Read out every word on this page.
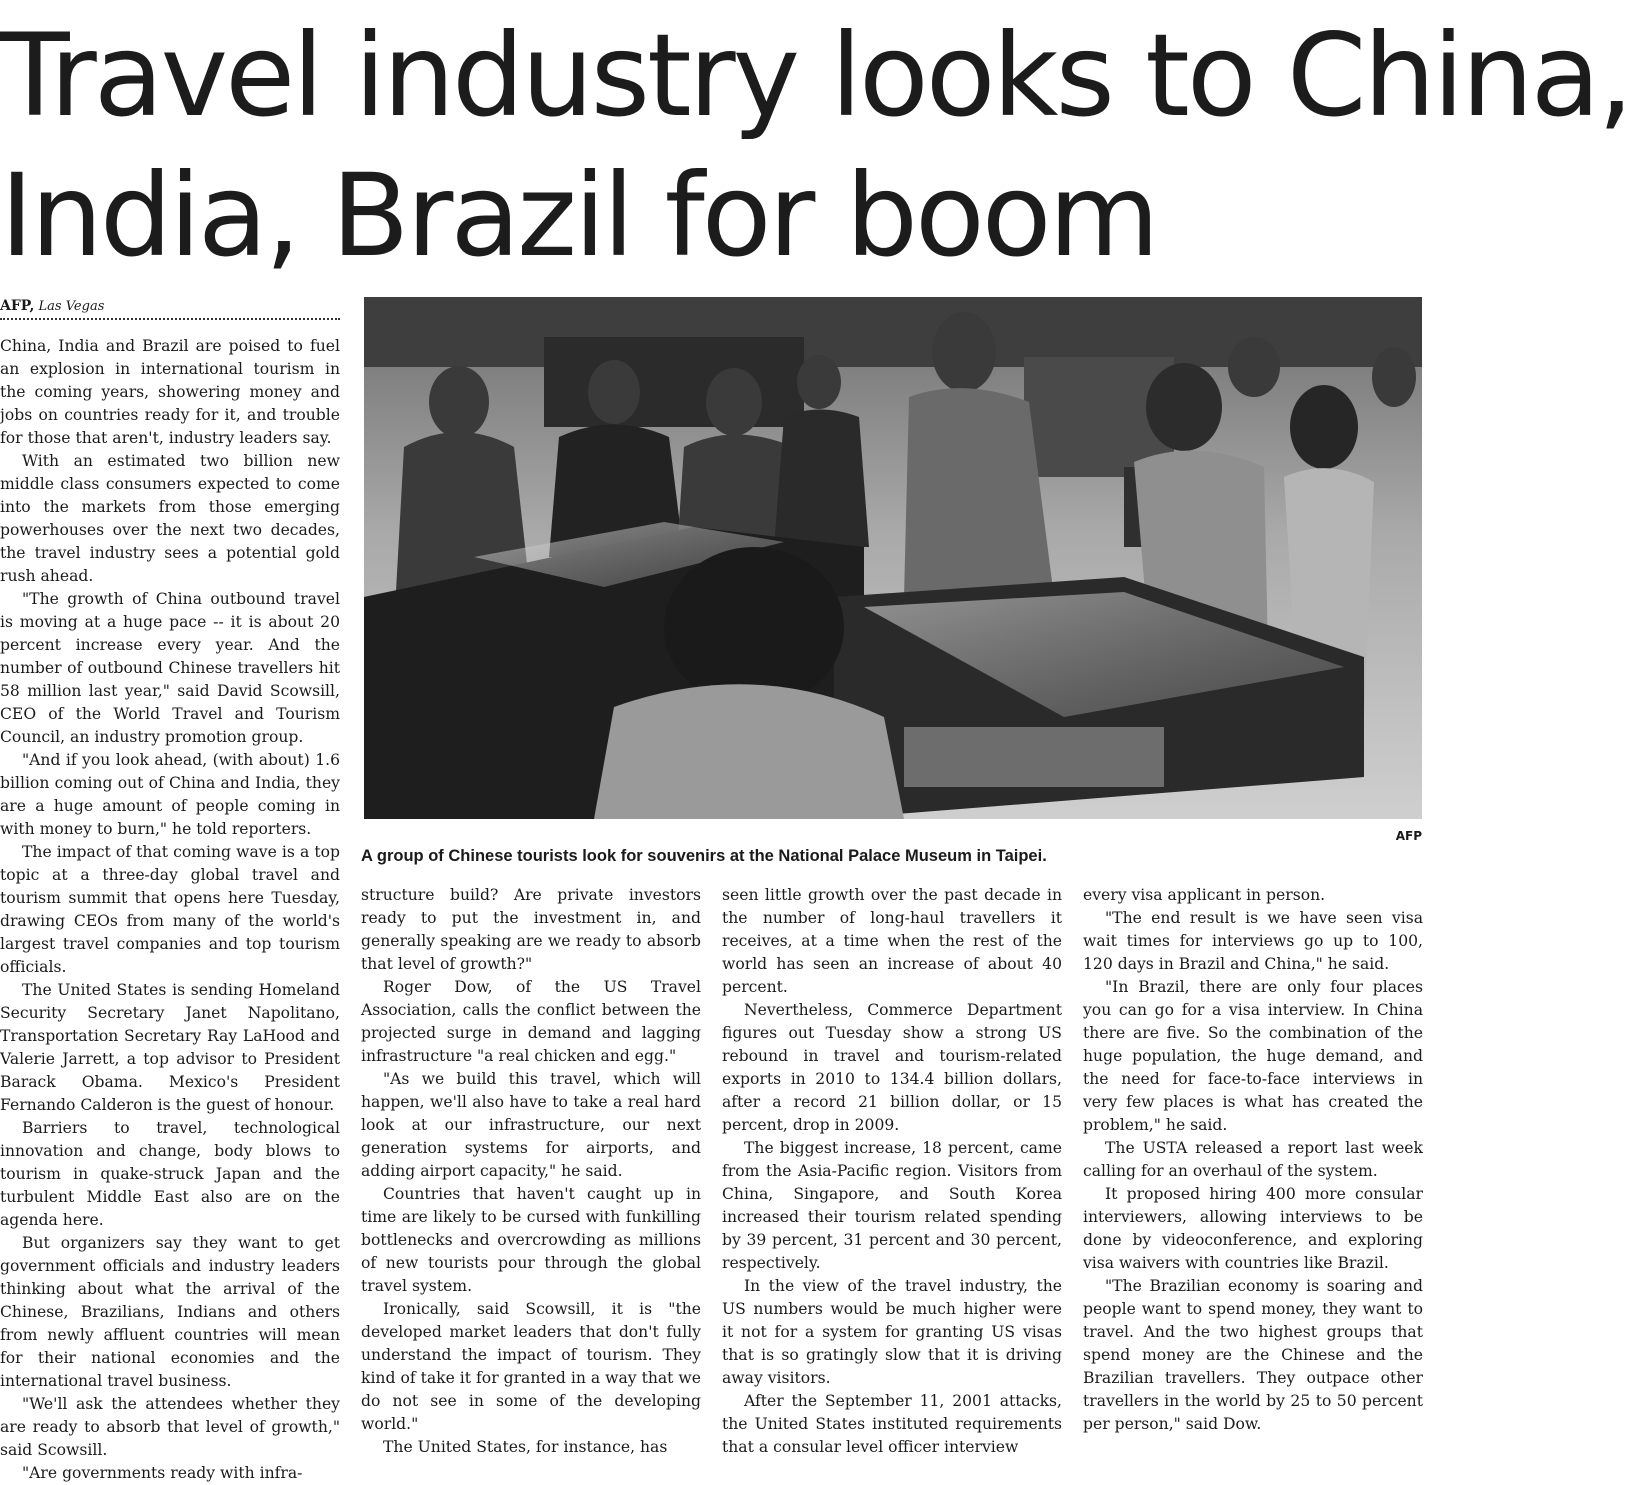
Travel industry looks to China,
India, Brazil for boom
AFP, Las Vegas
AFP
A group of Chinese tourists look for souvenirs at the National Palace Museum in Taipei.

China, India and Brazil are poised to fuel an explosion in international tourism in the coming years, showering money and jobs on countries ready for it, and trouble for those that aren't, industry leaders say.

With an estimated two billion new middle class consumers expected to come into the markets from those emerging powerhouses over the next two decades, the travel industry sees a potential gold rush ahead.

"The growth of China outbound travel is moving at a huge pace -- it is about 20 percent increase every year. And the number of outbound Chinese travellers hit 58 million last year," said David Scowsill, CEO of the World Travel and Tourism Council, an industry promotion group.

"And if you look ahead, (with about) 1.6 billion coming out of China and India, they are a huge amount of people coming in with money to burn," he told reporters.

The impact of that coming wave is a top topic at a three-day global travel and tourism summit that opens here Tuesday, drawing CEOs from many of the world's largest travel companies and top tourism officials.

The United States is sending Homeland Security Secretary Janet Napolitano, Transportation Secretary Ray LaHood and Valerie Jarrett, a top advisor to President Barack Obama. Mexico's President Fernando Calderon is the guest of honour.

Barriers to travel, technological innovation and change, body blows to tourism in quake-struck Japan and the turbulent Middle East also are on the agenda here.

But organizers say they want to get government officials and industry leaders thinking about what the arrival of the Chinese, Brazilians, Indians and others from newly affluent countries will mean for their national economies and the international travel business.

"We'll ask the attendees whether they are ready to absorb that level of growth," said Scowsill.

"Are governments ready with infra-

structure build? Are private investors ready to put the investment in, and generally speaking are we ready to absorb that level of growth?"

Roger Dow, of the US Travel Association, calls the conflict between the projected surge in demand and lagging infrastructure "a real chicken and egg."

"As we build this travel, which will happen, we'll also have to take a real hard look at our infrastructure, our next generation systems for airports, and adding airport capacity," he said.

Countries that haven't caught up in time are likely to be cursed with funkilling bottlenecks and overcrowding as millions of new tourists pour through the global travel system.

Ironically, said Scowsill, it is "the developed market leaders that don't fully understand the impact of tourism. They kind of take it for granted in a way that we do not see in some of the developing world."

The United States, for instance, has

seen little growth over the past decade in the number of long-haul travellers it receives, at a time when the rest of the world has seen an increase of about 40 percent.

Nevertheless, Commerce Department figures out Tuesday show a strong US rebound in travel and tourism-related exports in 2010 to 134.4 billion dollars, after a record 21 billion dollar, or 15 percent, drop in 2009.

The biggest increase, 18 percent, came from the Asia-Pacific region. Visitors from China, Singapore, and South Korea increased their tourism related spending by 39 percent, 31 percent and 30 percent, respectively.

In the view of the travel industry, the US numbers would be much higher were it not for a system for granting US visas that is so gratingly slow that it is driving away visitors.

After the September 11, 2001 attacks, the United States instituted requirements that a consular level officer interview

every visa applicant in person.

"The end result is we have seen visa wait times for interviews go up to 100, 120 days in Brazil and China," he said.

"In Brazil, there are only four places you can go for a visa interview. In China there are five. So the combination of the huge population, the huge demand, and the need for face-to-face interviews in very few places is what has created the problem," he said.

The USTA released a report last week calling for an overhaul of the system.

It proposed hiring 400 more consular interviewers, allowing interviews to be done by videoconference, and exploring visa waivers with countries like Brazil.

"The Brazilian economy is soaring and people want to spend money, they want to travel. And the two highest groups that spend money are the Chinese and the Brazilian travellers. They outpace other travellers in the world by 25 to 50 percent per person," said Dow.
